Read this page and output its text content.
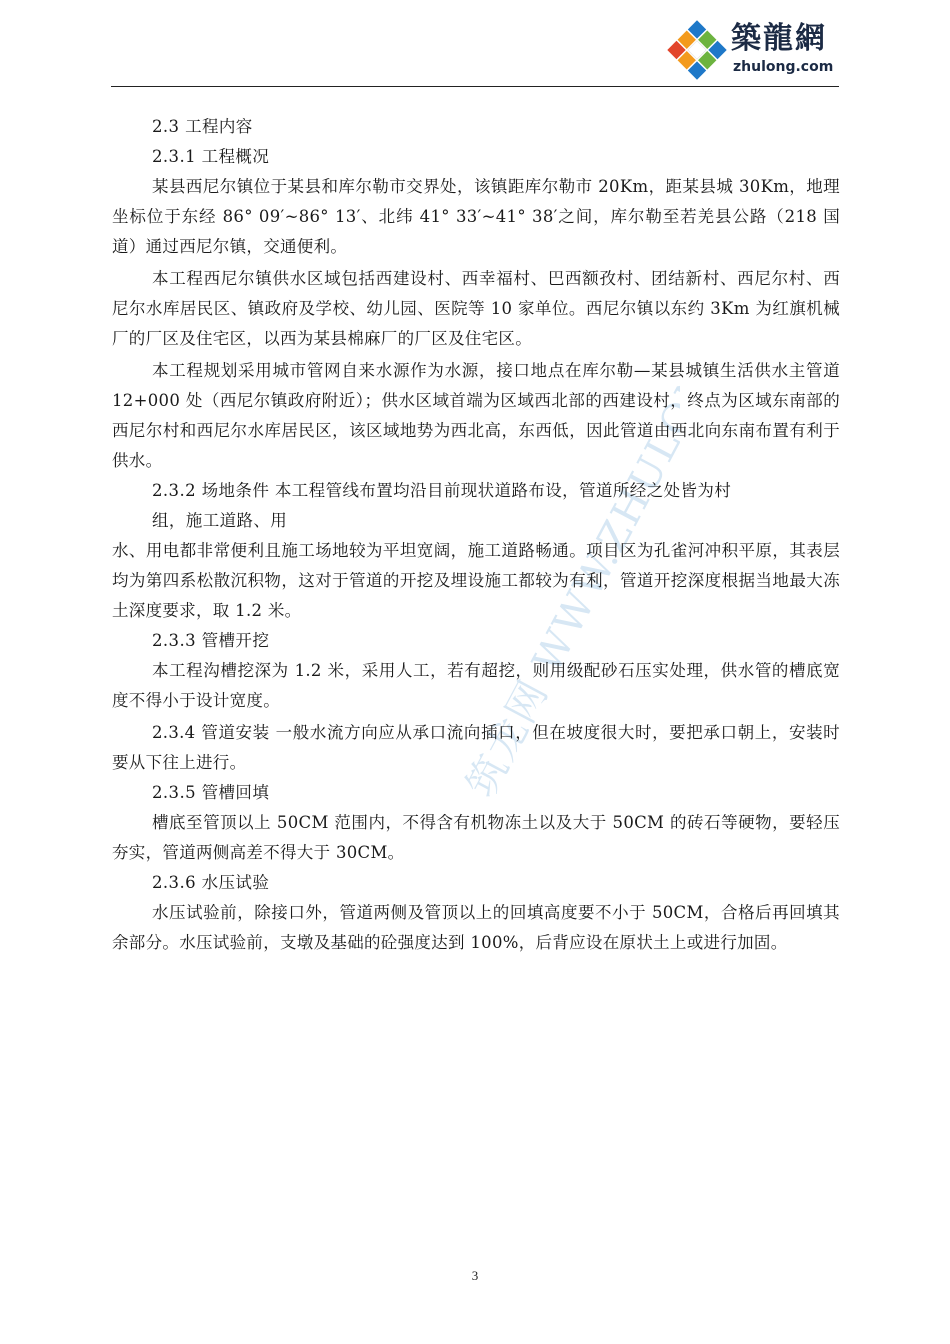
築龍網
zhulong.com
筑龙网 WWW.ZHULONG.COM
2.3 工程内容
2.3.1 工程概况
某县西尼尔镇位于某县和库尔勒市交界处，该镇距库尔勒市 20Km，距某县城 30Km，地理坐标位于东经 86° 09′~86° 13′、北纬 41° 33′~41° 38′之间，库尔勒至若羌县公路（218 国道）通过西尼尔镇，交通便利。
本工程西尼尔镇供水区域包括西建设村、西幸福村、巴西额孜村、团结新村、西尼尔村、西尼尔水库居民区、镇政府及学校、幼儿园、医院等 10 家单位。西尼尔镇以东约 3Km 为红旗机械厂的厂区及住宅区，以西为某县棉麻厂的厂区及住宅区。
本工程规划采用城市管网自来水源作为水源，接口地点在库尔勒—某县城镇生活供水主管道 12+000 处（西尼尔镇政府附近）；供水区域首端为区域西北部的西建设村，终点为区域东南部的西尼尔村和西尼尔水库居民区，该区域地势为西北高，东西低，因此管道由西北向东南布置有利于供水。
2.3.2 场地条件 本工程管线布置均沿目前现状道路布设，管道所经之处皆为村
组，施工道路、用
水、用电都非常便利且施工场地较为平坦宽阔，施工道路畅通。项目区为孔雀河冲积平原，其表层均为第四系松散沉积物，这对于管道的开挖及埋设施工都较为有利，管道开挖深度根据当地最大冻土深度要求，取 1.2 米。
2.3.3 管槽开挖
本工程沟槽挖深为 1.2 米，采用人工，若有超挖，则用级配砂石压实处理，供水管的槽底宽度不得小于设计宽度。
2.3.4 管道安装 一般水流方向应从承口流向插口，但在坡度很大时，要把承口朝上，安装时要从下往上进行。
2.3.5 管槽回填
槽底至管顶以上 50CM 范围内，不得含有机物冻土以及大于 50CM 的砖石等硬物，要轻压夯实，管道两侧高差不得大于 30CM。
2.3.6 水压试验
水压试验前，除接口外，管道两侧及管顶以上的回填高度要不小于 50CM，合格后再回填其余部分。水压试验前，支墩及基础的砼强度达到 100%，后背应设在原状土上或进行加固。
3
